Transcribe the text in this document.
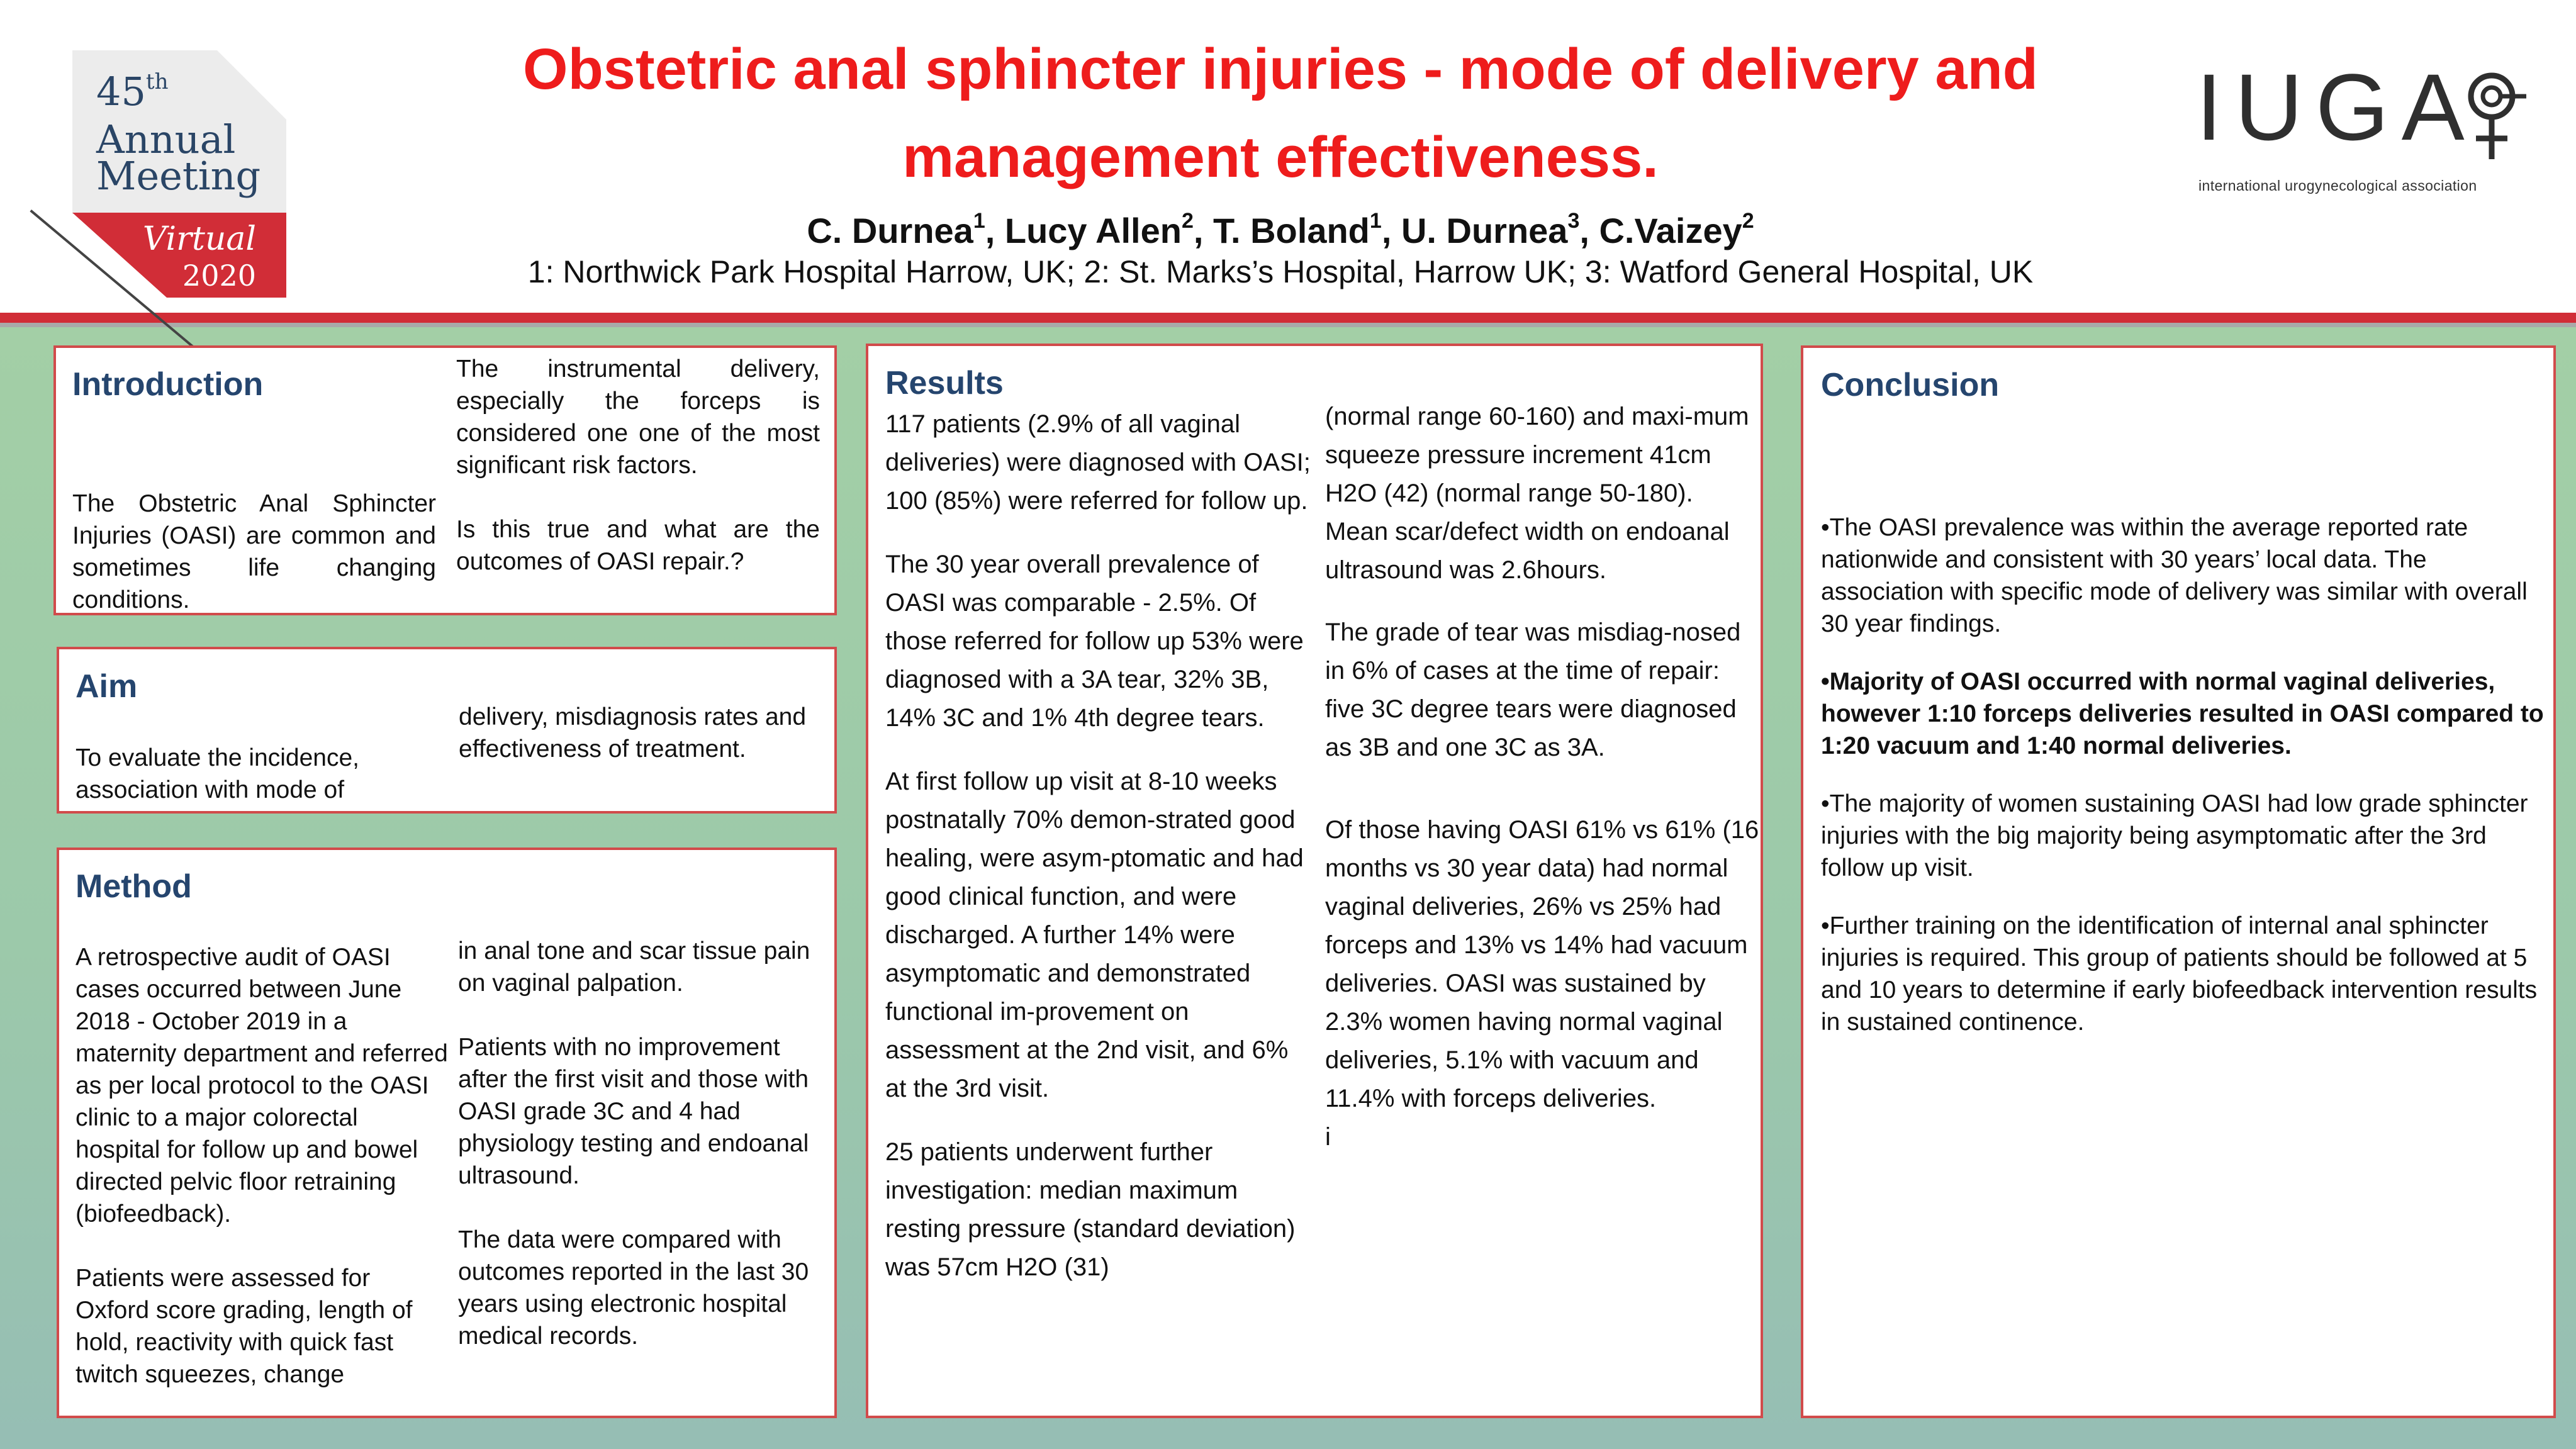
45th
Annual
Meeting
Virtual
2020
Obstetric anal sphincter injuries - mode of delivery and
management effectiveness.
C. Durnea$^1$, Lucy Allen$^2$, T. Boland$^1$, U. Durnea$^3$, C.Vaizey$^2$
1: Northwick Park Hospital Harrow, UK; 2: St. Marks’s Hospital, Harrow UK; 3: Watford General Hospital, UK
IUGA
international urogynecological association
Introduction

The Obstetric Anal Sphincter Injuries (OASI) are common and sometimes life changing conditions.

The instrumental delivery, especially the forceps is considered one one of the most significant risk factors.

Is this true and what are the outcomes of OASI repair.?

Aim

To evaluate the incidence, association with mode of

delivery, misdiagnosis rates and effectiveness of treatment.

Method

A retrospective audit of OASI cases occurred between June 2018 - October 2019 in a maternity department and referred as per local protocol to the OASI clinic to a major colorectal hospital for follow up and bowel directed pelvic floor retraining (biofeedback).

Patients were assessed for Oxford score grading, length of hold, reactivity with quick fast twitch squeezes, change

in anal tone and scar tissue pain on vaginal palpation.

Patients with no improvement after the first visit and those with OASI grade 3C and 4 had physiology testing and endoanal ultrasound.

The data were compared with outcomes reported in the last 30 years using electronic hospital medical records.

Results

117 patients (2.9% of all vaginal deliveries) were diagnosed with OASI; 100 (85%) were referred for follow up.

The 30 year overall prevalence of OASI was comparable - 2.5%. Of those referred for follow up 53% were diagnosed with a 3A tear, 32% 3B, 14% 3C and 1% 4th degree tears.

At first follow up visit at 8-10 weeks postnatally 70% demon-strated good healing, were asym-ptomatic and had good clinical function, and were discharged. A further 14% were asymptomatic and demonstrated functional im-provement on assessment at the 2nd visit, and 6% at the 3rd visit.

25 patients underwent further investigation: median maximum resting pressure (standard deviation) was 57cm H2O (31)

(normal range 60-160) and maxi-mum squeeze pressure increment 41cm H2O (42) (normal range 50-180). Mean scar/defect width on endoanal ultrasound was 2.6hours.

The grade of tear was misdiag-nosed in 6% of cases at the time of repair: five 3C degree tears were diagnosed as 3B and one 3C as 3A.

Of those having OASI 61% vs 61% (16 months vs 30 year data) had normal vaginal deliveries, 26% vs 25% had forceps and 13% vs 14% had vacuum deliveries. OASI was sustained by 2.3% women having normal vaginal deliveries, 5.1% with vacuum and 11.4% with forceps deliveries.

i

Conclusion

•The OASI prevalence was within the average reported rate nationwide and consistent with 30 years’ local data. The association with specific mode of delivery was similar with overall 30 year findings.

•Majority of OASI occurred with normal vaginal deliveries, however 1:10 forceps deliveries resulted in OASI compared to 1:20 vacuum and 1:40 normal deliveries.

•The majority of women sustaining OASI had low grade sphincter injuries with the big majority being asymptomatic after the 3rd follow up visit.

•Further training on the identification of internal anal sphincter injuries is required. This group of patients should be followed at 5 and 10 years to determine if early biofeedback intervention results in sustained continence.
